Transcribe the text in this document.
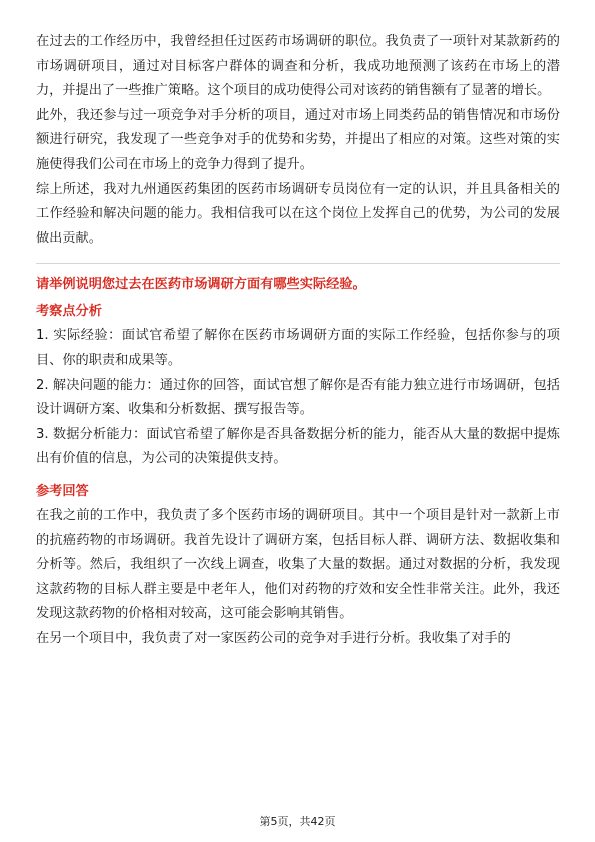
在过去的工作经历中，我曾经担任过医药市场调研的职位。我负责了一项针对某款新药的市场调研项目，通过对目标客户群体的调查和分析，我成功地预测了该药在市场上的潜力，并提出了一些推广策略。这个项目的成功使得公司对该药的销售额有了显著的增长。

此外，我还参与过一项竞争对手分析的项目，通过对市场上同类药品的销售情况和市场份额进行研究，我发现了一些竞争对手的优势和劣势，并提出了相应的对策。这些对策的实施使得我们公司在市场上的竞争力得到了提升。

综上所述，我对九州通医药集团的医药市场调研专员岗位有一定的认识，并且具备相关的工作经验和解决问题的能力。我相信我可以在这个岗位上发挥自己的优势，为公司的发展做出贡献。

请举例说明您过去在医药市场调研方面有哪些实际经验。
考察点分析

1. 实际经验：面试官希望了解你在医药市场调研方面的实际工作经验，包括你参与的项目、你的职责和成果等。

2. 解决问题的能力：通过你的回答，面试官想了解你是否有能力独立进行市场调研，包括设计调研方案、收集和分析数据、撰写报告等。

3. 数据分析能力：面试官希望了解你是否具备数据分析的能力，能否从大量的数据中提炼出有价值的信息，为公司的决策提供支持。

参考回答

在我之前的工作中，我负责了多个医药市场的调研项目。其中一个项目是针对一款新上市的抗癌药物的市场调研。我首先设计了调研方案，包括目标人群、调研方法、数据收集和分析等。然后，我组织了一次线上调查，收集了大量的数据。通过对数据的分析，我发现这款药物的目标人群主要是中老年人，他们对药物的疗效和安全性非常关注。此外，我还发现这款药物的价格相对较高，这可能会影响其销售。

在另一个项目中，我负责了对一家医药公司的竞争对手进行分析。我收集了对手的

第5页，共42页
